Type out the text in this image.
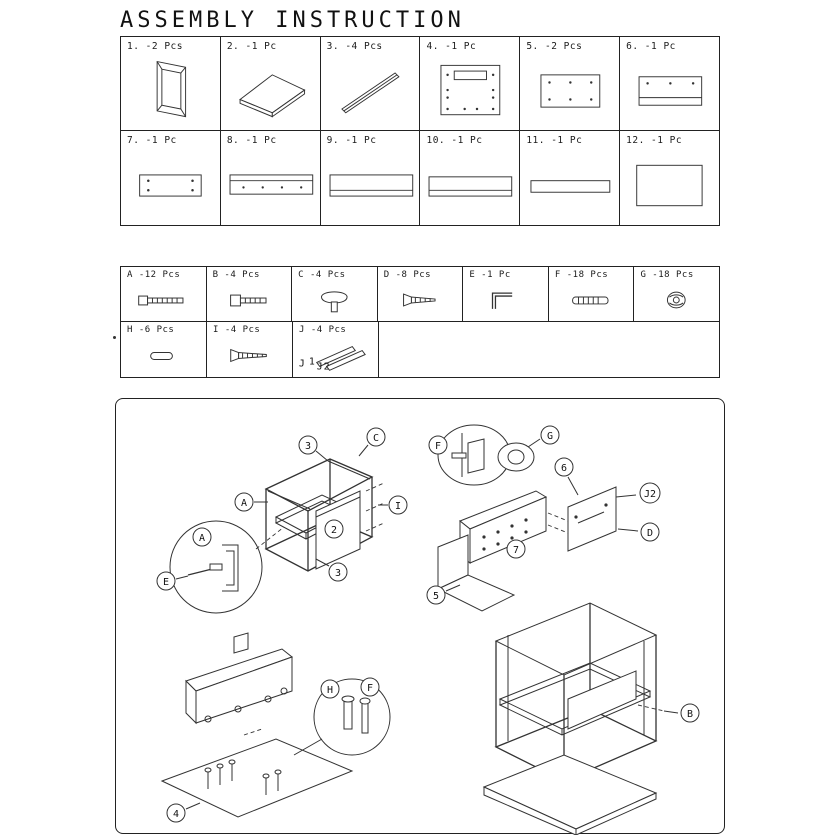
ASSEMBLY INSTRUCTION
1. -2 Pcs	2. -1 Pc	3. -4 Pcs	4. -1 Pc	5. -2 Pcs	6. -1 Pc
7. -1 Pc	8. -1 Pc	9. -1 Pc	10. -1 Pc	11. -1 Pc	12. -1 Pc
A -12 Pcs	B -4 Pcs	C -4 Pcs	D -8 Pcs	E -1 Pc	F -18 Pcs	G -18 Pcs
H -6 Pcs	I -4 Pcs	J -4 Pcs
J 1 J 2
3
C
A	I
2
3
A
E
F
G
6
J2
D
7
5
H	F
4
B
